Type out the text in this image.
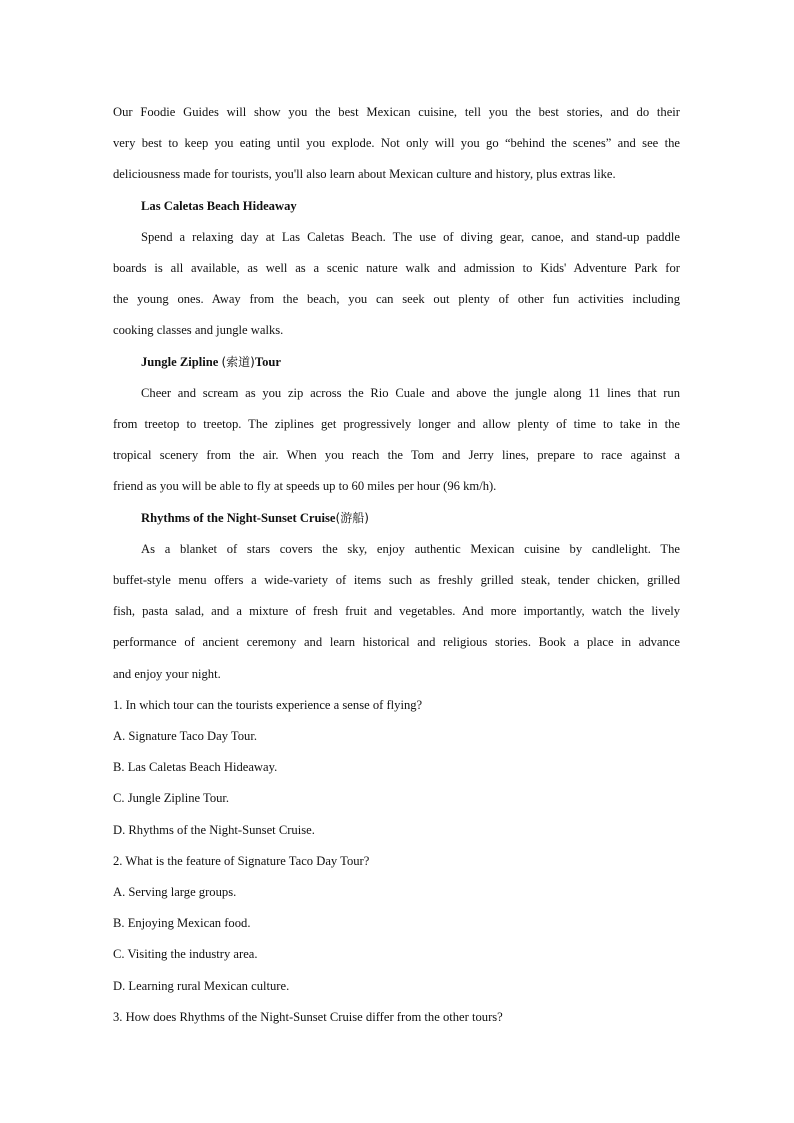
Our Foodie Guides will show you the best Mexican cuisine, tell you the best stories, and do their
very best to keep you eating until you explode. Not only will you go “behind the scenes” and see the
deliciousness made for tourists, you'll also learn about Mexican culture and history, plus extras like.
Las Caletas Beach Hideaway
Spend a relaxing day at Las Caletas Beach. The use of diving gear, canoe, and stand-up paddle
boards is all available, as well as a scenic nature walk and admission to Kids' Adventure Park for
the young ones. Away from the beach, you can seek out plenty of other fun activities including
cooking classes and jungle walks.
Jungle Zipline (索道)Tour
Cheer and scream as you zip across the Rio Cuale and above the jungle along 11 lines that run
from treetop to treetop. The ziplines get progressively longer and allow plenty of time to take in the
tropical scenery from the air. When you reach the Tom and Jerry lines, prepare to race against a
friend as you will be able to fly at speeds up to 60 miles per hour (96 km/h).
Rhythms of the Night-Sunset Cruise(游船)
As a blanket of stars covers the sky, enjoy authentic Mexican cuisine by candlelight. The
buffet-style menu offers a wide-variety of items such as freshly grilled steak, tender chicken, grilled
fish, pasta salad, and a mixture of fresh fruit and vegetables. And more importantly, watch the lively
performance of ancient ceremony and learn historical and religious stories. Book a place in advance
and enjoy your night.
1. In which tour can the tourists experience a sense of flying?
A. Signature Taco Day Tour.
B. Las Caletas Beach Hideaway.
C. Jungle Zipline Tour.
D. Rhythms of the Night-Sunset Cruise.
2. What is the feature of Signature Taco Day Tour?
A. Serving large groups.
B. Enjoying Mexican food.
C. Visiting the industry area.
D. Learning rural Mexican culture.
3. How does Rhythms of the Night-Sunset Cruise differ from the other tours?
